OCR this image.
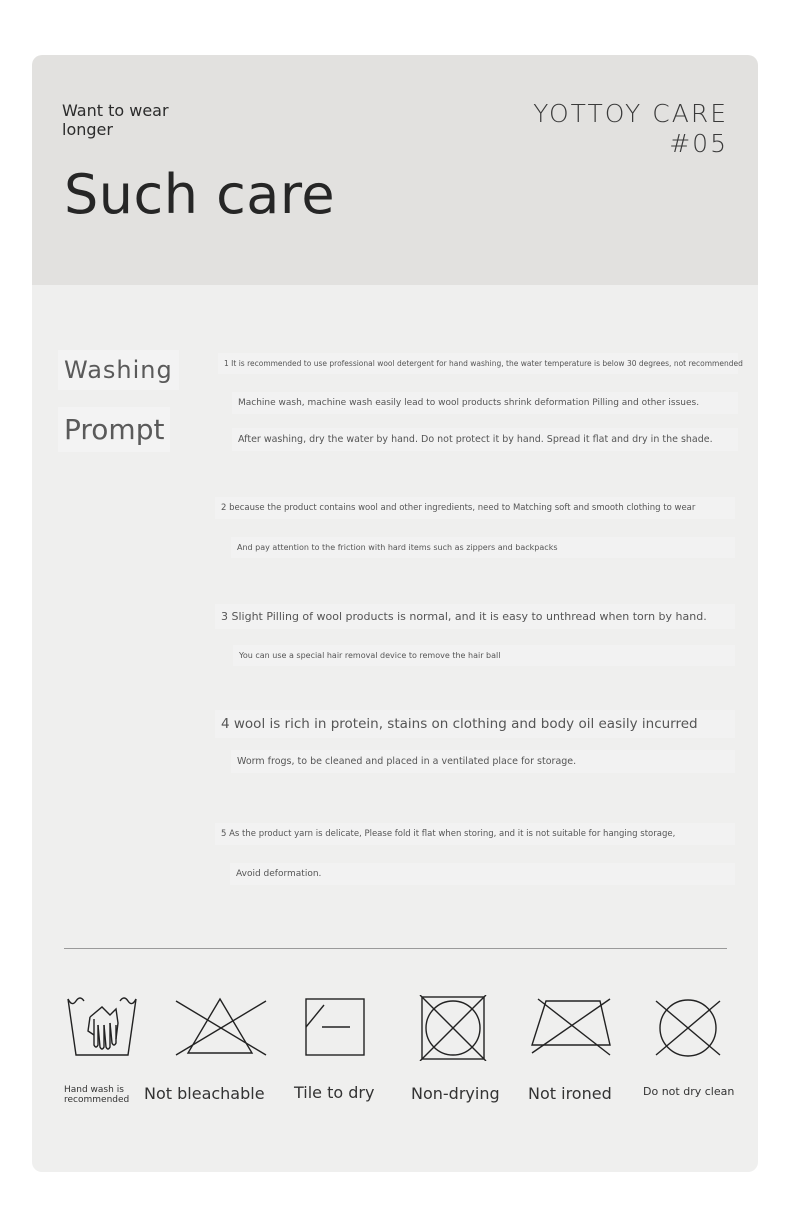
Want to wear longer
Such care
YOTTOY CARE
#05
Washing
Prompt
1 It is recommended to use professional wool detergent for hand washing, the water temperature is below 30 degrees, not recommended
Machine wash, machine wash easily lead to wool products shrink deformation Pilling and other issues.
After washing, dry the water by hand. Do not protect it by hand. Spread it flat and dry in the shade.
2 because the product contains wool and other ingredients, need to Matching soft and smooth clothing to wear
And pay attention to the friction with hard items such as zippers and backpacks
3 Slight Pilling of wool products is normal, and it is easy to unthread when torn by hand.
You can use a special hair removal device to remove the hair ball
4 wool is rich in protein, stains on clothing and body oil easily incurred
Worm frogs, to be cleaned and placed in a ventilated place for storage.
5 As the product yarn is delicate, Please fold it flat when storing, and it is not suitable for hanging storage,
Avoid deformation.
Hand wash is recommended Not bleachable Tile to dry Non-drying Not ironed	Do not dry clean
